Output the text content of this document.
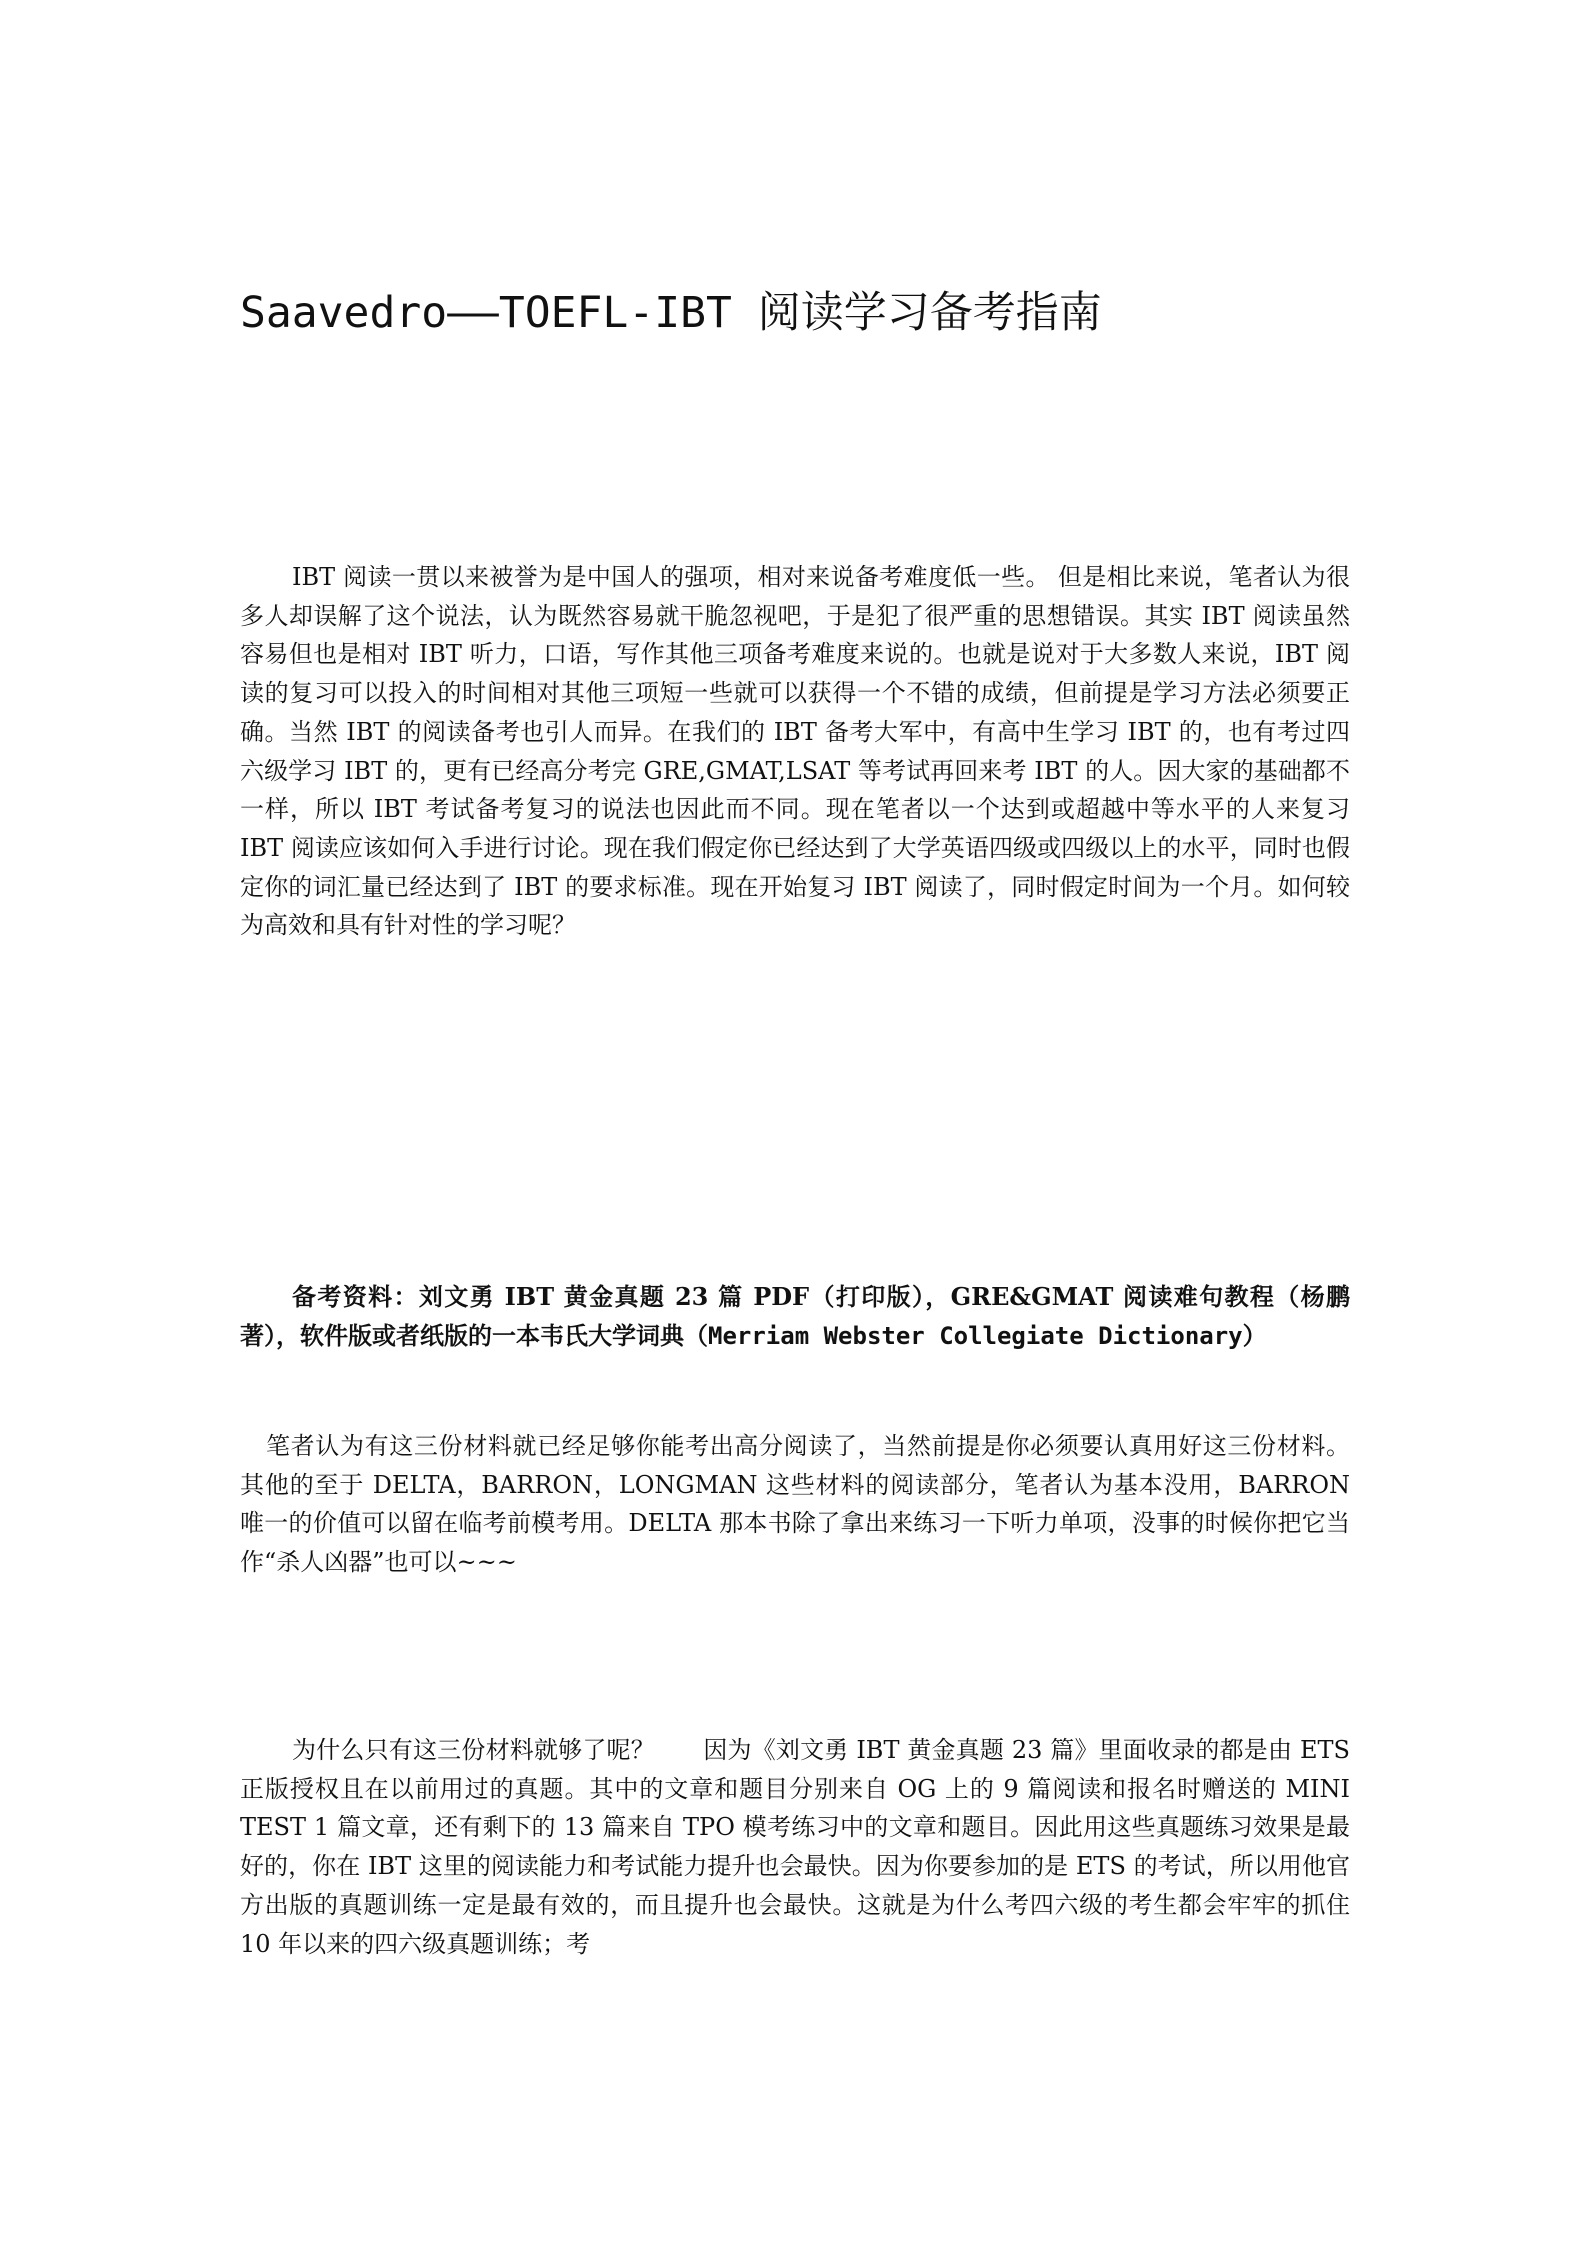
Saavedro——TOEFL-IBT 阅读学习备考指南

IBT 阅读一贯以来被誉为是中国人的强项，相对来说备考难度低一些。 但是相比来说，笔者认为很多人却误解了这个说法，认为既然容易就干脆忽视吧，于是犯了很严重的思想错误。其实 IBT 阅读虽然容易但也是相对 IBT 听力，口语，写作其他三项备考难度来说的。也就是说对于大多数人来说，IBT 阅读的复习可以投入的时间相对其他三项短一些就可以获得一个不错的成绩，但前提是学习方法必须要正确。当然 IBT 的阅读备考也引人而异。在我们的 IBT 备考大军中，有高中生学习 IBT 的，也有考过四六级学习 IBT 的，更有已经高分考完 GRE,GMAT,LSAT 等考试再回来考 IBT 的人。因大家的基础都不一样，所以 IBT 考试备考复习的说法也因此而不同。现在笔者以一个达到或超越中等水平的人来复习 IBT 阅读应该如何入手进行讨论。现在我们假定你已经达到了大学英语四级或四级以上的水平，同时也假定你的词汇量已经达到了 IBT 的要求标准。现在开始复习 IBT 阅读了，同时假定时间为一个月。如何较为高效和具有针对性的学习呢？

备考资料：刘文勇 IBT 黄金真题 23 篇 PDF（打印版），GRE&GMAT 阅读难句教程（杨鹏著），软件版或者纸版的一本韦氏大学词典（Merriam Webster Collegiate Dictionary）

笔者认为有这三份材料就已经足够你能考出高分阅读了，当然前提是你必须要认真用好这三份材料。 其他的至于 DELTA，BARRON，LONGMAN 这些材料的阅读部分，笔者认为基本没用，BARRON 唯一的价值可以留在临考前模考用。DELTA 那本书除了拿出来练习一下听力单项，没事的时候你把它当作“杀人凶器”也可以~~~

为什么只有这三份材料就够了呢？　　因为《刘文勇 IBT 黄金真题 23 篇》里面收录的都是由 ETS 正版授权且在以前用过的真题。其中的文章和题目分别来自 OG 上的 9 篇阅读和报名时赠送的 MINI TEST 1 篇文章，还有剩下的 13 篇来自 TPO 模考练习中的文章和题目。因此用这些真题练习效果是最好的，你在 IBT 这里的阅读能力和考试能力提升也会最快。因为你要参加的是 ETS 的考试，所以用他官方出版的真题训练一定是最有效的，而且提升也会最快。这就是为什么考四六级的考生都会牢牢的抓住 10 年以来的四六级真题训练；考
